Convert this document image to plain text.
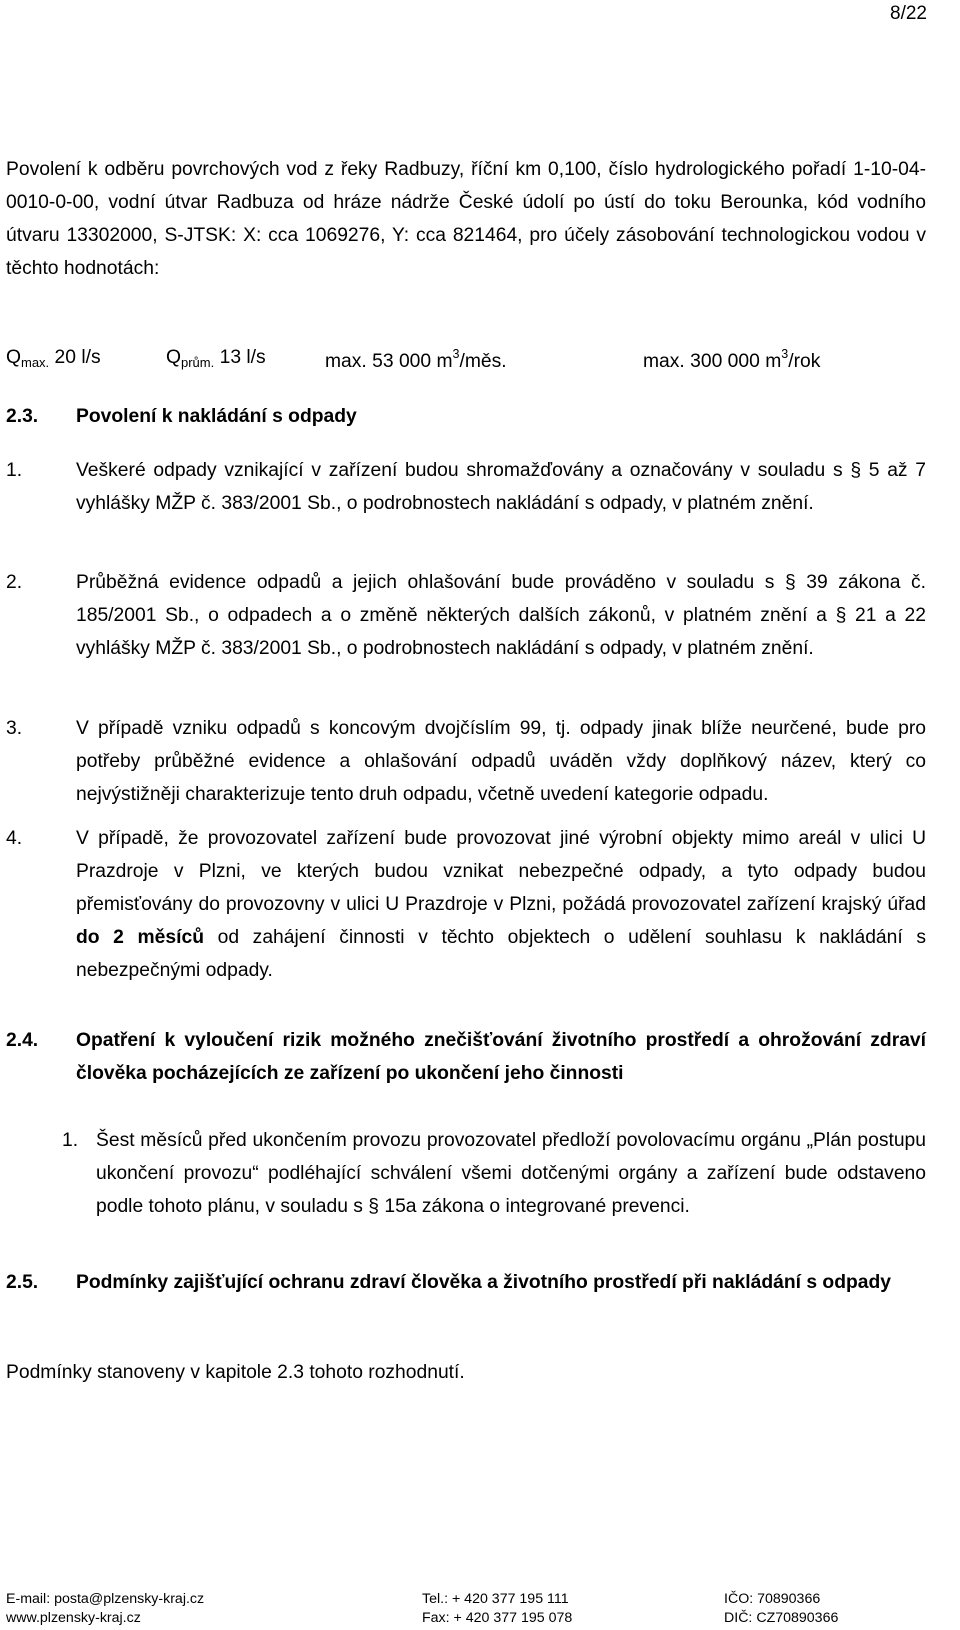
8/22

Povolení k odběru povrchových vod z řeky Radbuzy, říční km 0,100, číslo hydrologického pořadí 1-10-04-0010-0-00, vodní útvar Radbuza od hráze nádrže České údolí po ústí do toku Berounka, kód vodního útvaru 13302000, S-JTSK: X: cca 1069276, Y: cca 821464, pro účely zásobování technologickou vodou v těchto hodnotách:

$Q_{max.}$ 20 l/s	$Q_{prům.}$ 13 l/s	max. 53 000 $m^3$/měs.	max. 300 000 $m^3$/rok
2.3. Povolení k nakládání s odpady
1.	Veškeré odpady vznikající v zařízení budou shromažďovány a označovány v souladu s § 5 až 7 vyhlášky MŽP č. 383/2001 Sb., o podrobnostech nakládání s odpady, v platném znění.
2.	Průběžná evidence odpadů a jejich ohlašování bude prováděno v souladu s § 39 zákona č. 185/2001 Sb., o odpadech a o změně některých dalších zákonů, v platném znění a § 21 a 22 vyhlášky MŽP č. 383/2001 Sb., o podrobnostech nakládání s odpady, v platném znění.
3.	V případě vzniku odpadů s koncovým dvojčíslím 99, tj. odpady jinak blíže neurčené, bude pro potřeby průběžné evidence a ohlašování odpadů uváděn vždy doplňkový název, který co nejvýstižněji charakterizuje tento druh odpadu, včetně uvedení kategorie odpadu.
4.	V případě, že provozovatel zařízení bude provozovat jiné výrobní objekty mimo areál v ulici U Prazdroje v Plzni, ve kterých budou vznikat nebezpečné odpady, a tyto odpady budou přemisťovány do provozovny v ulici U Prazdroje v Plzni, požádá provozovatel zařízení krajský úřad do 2 měsíců od zahájení činnosti v těchto objektech o udělení souhlasu k nakládání s nebezpečnými odpady.
2.4. Opatření k vyloučení rizik možného znečišťování životního prostředí a ohrožování zdraví člověka pocházejících ze zařízení po ukončení jeho činnosti
1. Šest měsíců před ukončením provozu provozovatel předloží povolovacímu orgánu „Plán postupu ukončení provozu“ podléhající schválení všemi dotčenými orgány a zařízení bude odstaveno podle tohoto plánu, v souladu s § 15a zákona o integrované prevenci.
2.5. Podmínky zajišťující ochranu zdraví člověka a životního prostředí při nakládání s odpady
Podmínky stanoveny v kapitole 2.3 tohoto rozhodnutí.
E-mail: posta@plzensky-kraj.cz
www.plzensky-kraj.cz
Tel.: + 420 377 195 111
Fax: + 420 377 195 078
IČO: 70890366
DIČ: CZ70890366
